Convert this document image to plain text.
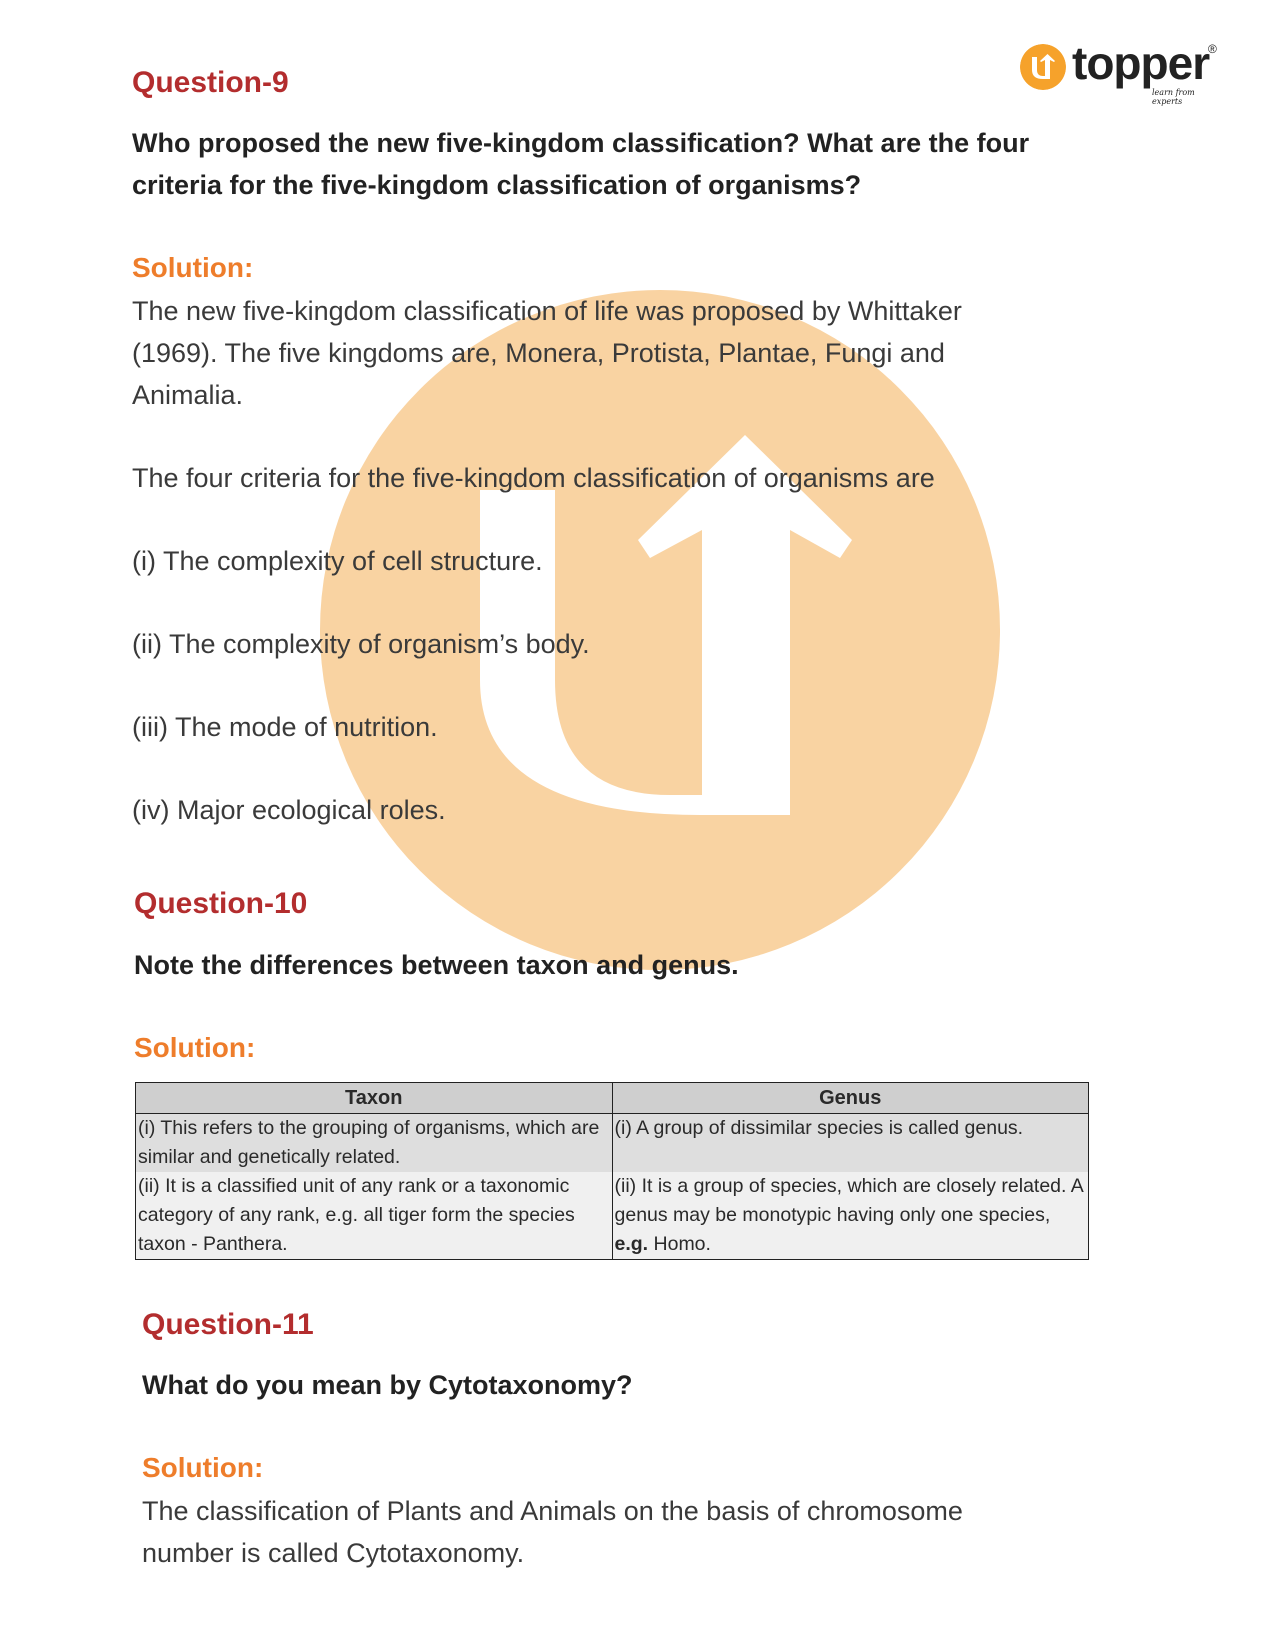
topper
®
learn from experts
Question-9

Who proposed the new five-kingdom classification? What are the four

criteria for the five-kingdom classification of organisms?

Solution:

The new five-kingdom classification of life was proposed by Whittaker

(1969). The five kingdoms are, Monera, Protista, Plantae, Fungi and

Animalia.

The four criteria for the five-kingdom classification of organisms are

(i) The complexity of cell structure.

(ii) The complexity of organism’s body.

(iii) The mode of nutrition.

(iv) Major ecological roles.

Question-10

Note the differences between taxon and genus.

Solution:
Taxon	Genus
(i) This refers to the grouping of organisms, which are similar and genetically related.	(i) A group of dissimilar species is called genus.
(ii) It is a classified unit of any rank or a taxonomic category of any rank, e.g. all tiger form the species taxon - Panthera.	(ii) It is a group of species, which are closely related. A genus may be monotypic having only one species, e.g. Homo.
Question-11

What do you mean by Cytotaxonomy?

Solution:

The classification of Plants and Animals on the basis of chromosome

number is called Cytotaxonomy.
